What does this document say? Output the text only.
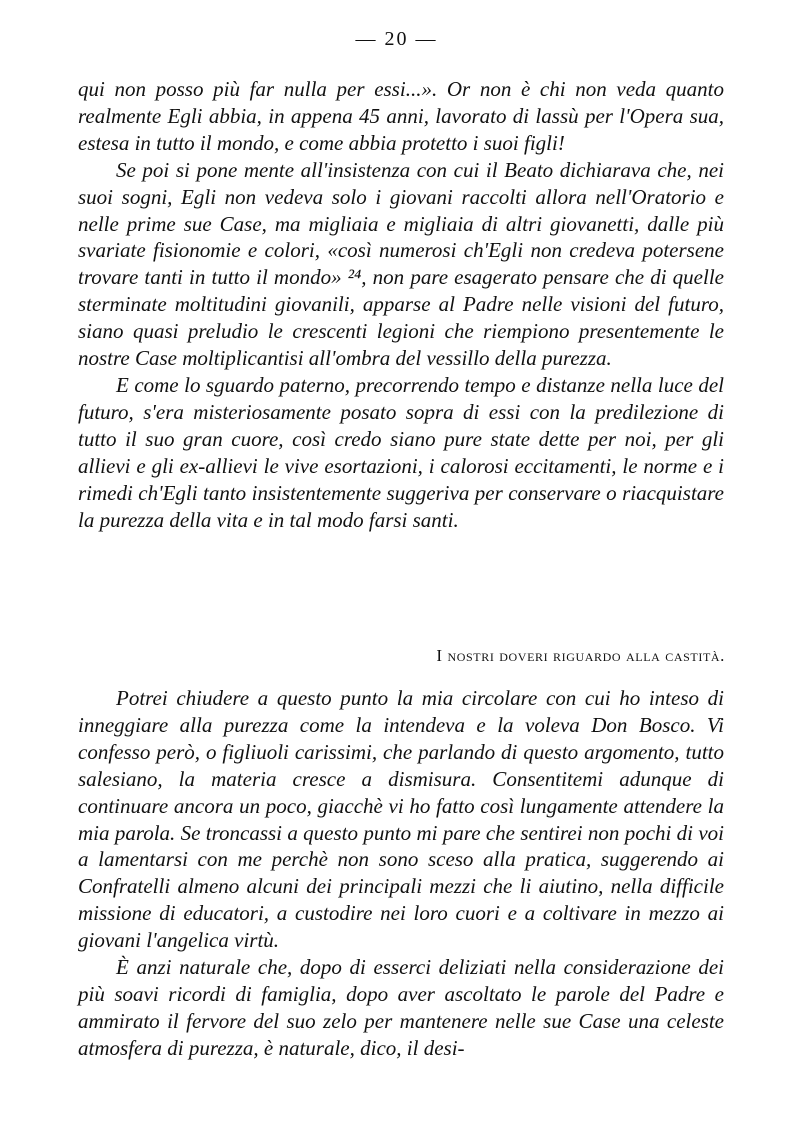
— 20 —

qui non posso più far nulla per essi...». Or non è chi non veda quanto realmente Egli abbia, in appena 45 anni, lavorato di lassù per l'Opera sua, estesa in tutto il mondo, e come abbia protetto i suoi figli!

Se poi si pone mente all'insistenza con cui il Beato dichiarava che, nei suoi sogni, Egli non vedeva solo i giovani raccolti allora nell'Oratorio e nelle prime sue Case, ma migliaia e migliaia di altri giovanetti, dalle più svariate fisionomie e colori, «così numerosi ch'Egli non credeva potersene trovare tanti in tutto il mondo» ²⁴, non pare esagerato pensare che di quelle sterminate moltitudini giovanili, apparse al Padre nelle visioni del futuro, siano quasi preludio le crescenti legioni che riempiono presentemente le nostre Case moltiplicantisi all'ombra del vessillo della purezza.

E come lo sguardo paterno, precorrendo tempo e distanze nella luce del futuro, s'era misteriosamente posato sopra di essi con la predilezione di tutto il suo gran cuore, così credo siano pure state dette per noi, per gli allievi e gli ex-allievi le vive esortazioni, i calorosi eccitamenti, le norme e i rimedi ch'Egli tanto insistentemente suggeriva per conservare o riacquistare la purezza della vita e in tal modo farsi santi.

I nostri doveri riguardo alla castità.

Potrei chiudere a questo punto la mia circolare con cui ho inteso di inneggiare alla purezza come la intendeva e la voleva Don Bosco. Vi confesso però, o figliuoli carissimi, che parlando di questo argomento, tutto salesiano, la materia cresce a dismisura. Consentitemi adunque di continuare ancora un poco, giacchè vi ho fatto così lungamente attendere la mia parola. Se troncassi a questo punto mi pare che sentirei non pochi di voi a lamentarsi con me perchè non sono sceso alla pratica, suggerendo ai Confratelli almeno alcuni dei principali mezzi che li aiutino, nella difficile missione di educatori, a custodire nei loro cuori e a coltivare in mezzo ai giovani l'angelica virtù.

È anzi naturale che, dopo di esserci deliziati nella considerazione dei più soavi ricordi di famiglia, dopo aver ascoltato le parole del Padre e ammirato il fervore del suo zelo per mantenere nelle sue Case una celeste atmosfera di purezza, è naturale, dico, il desi-
